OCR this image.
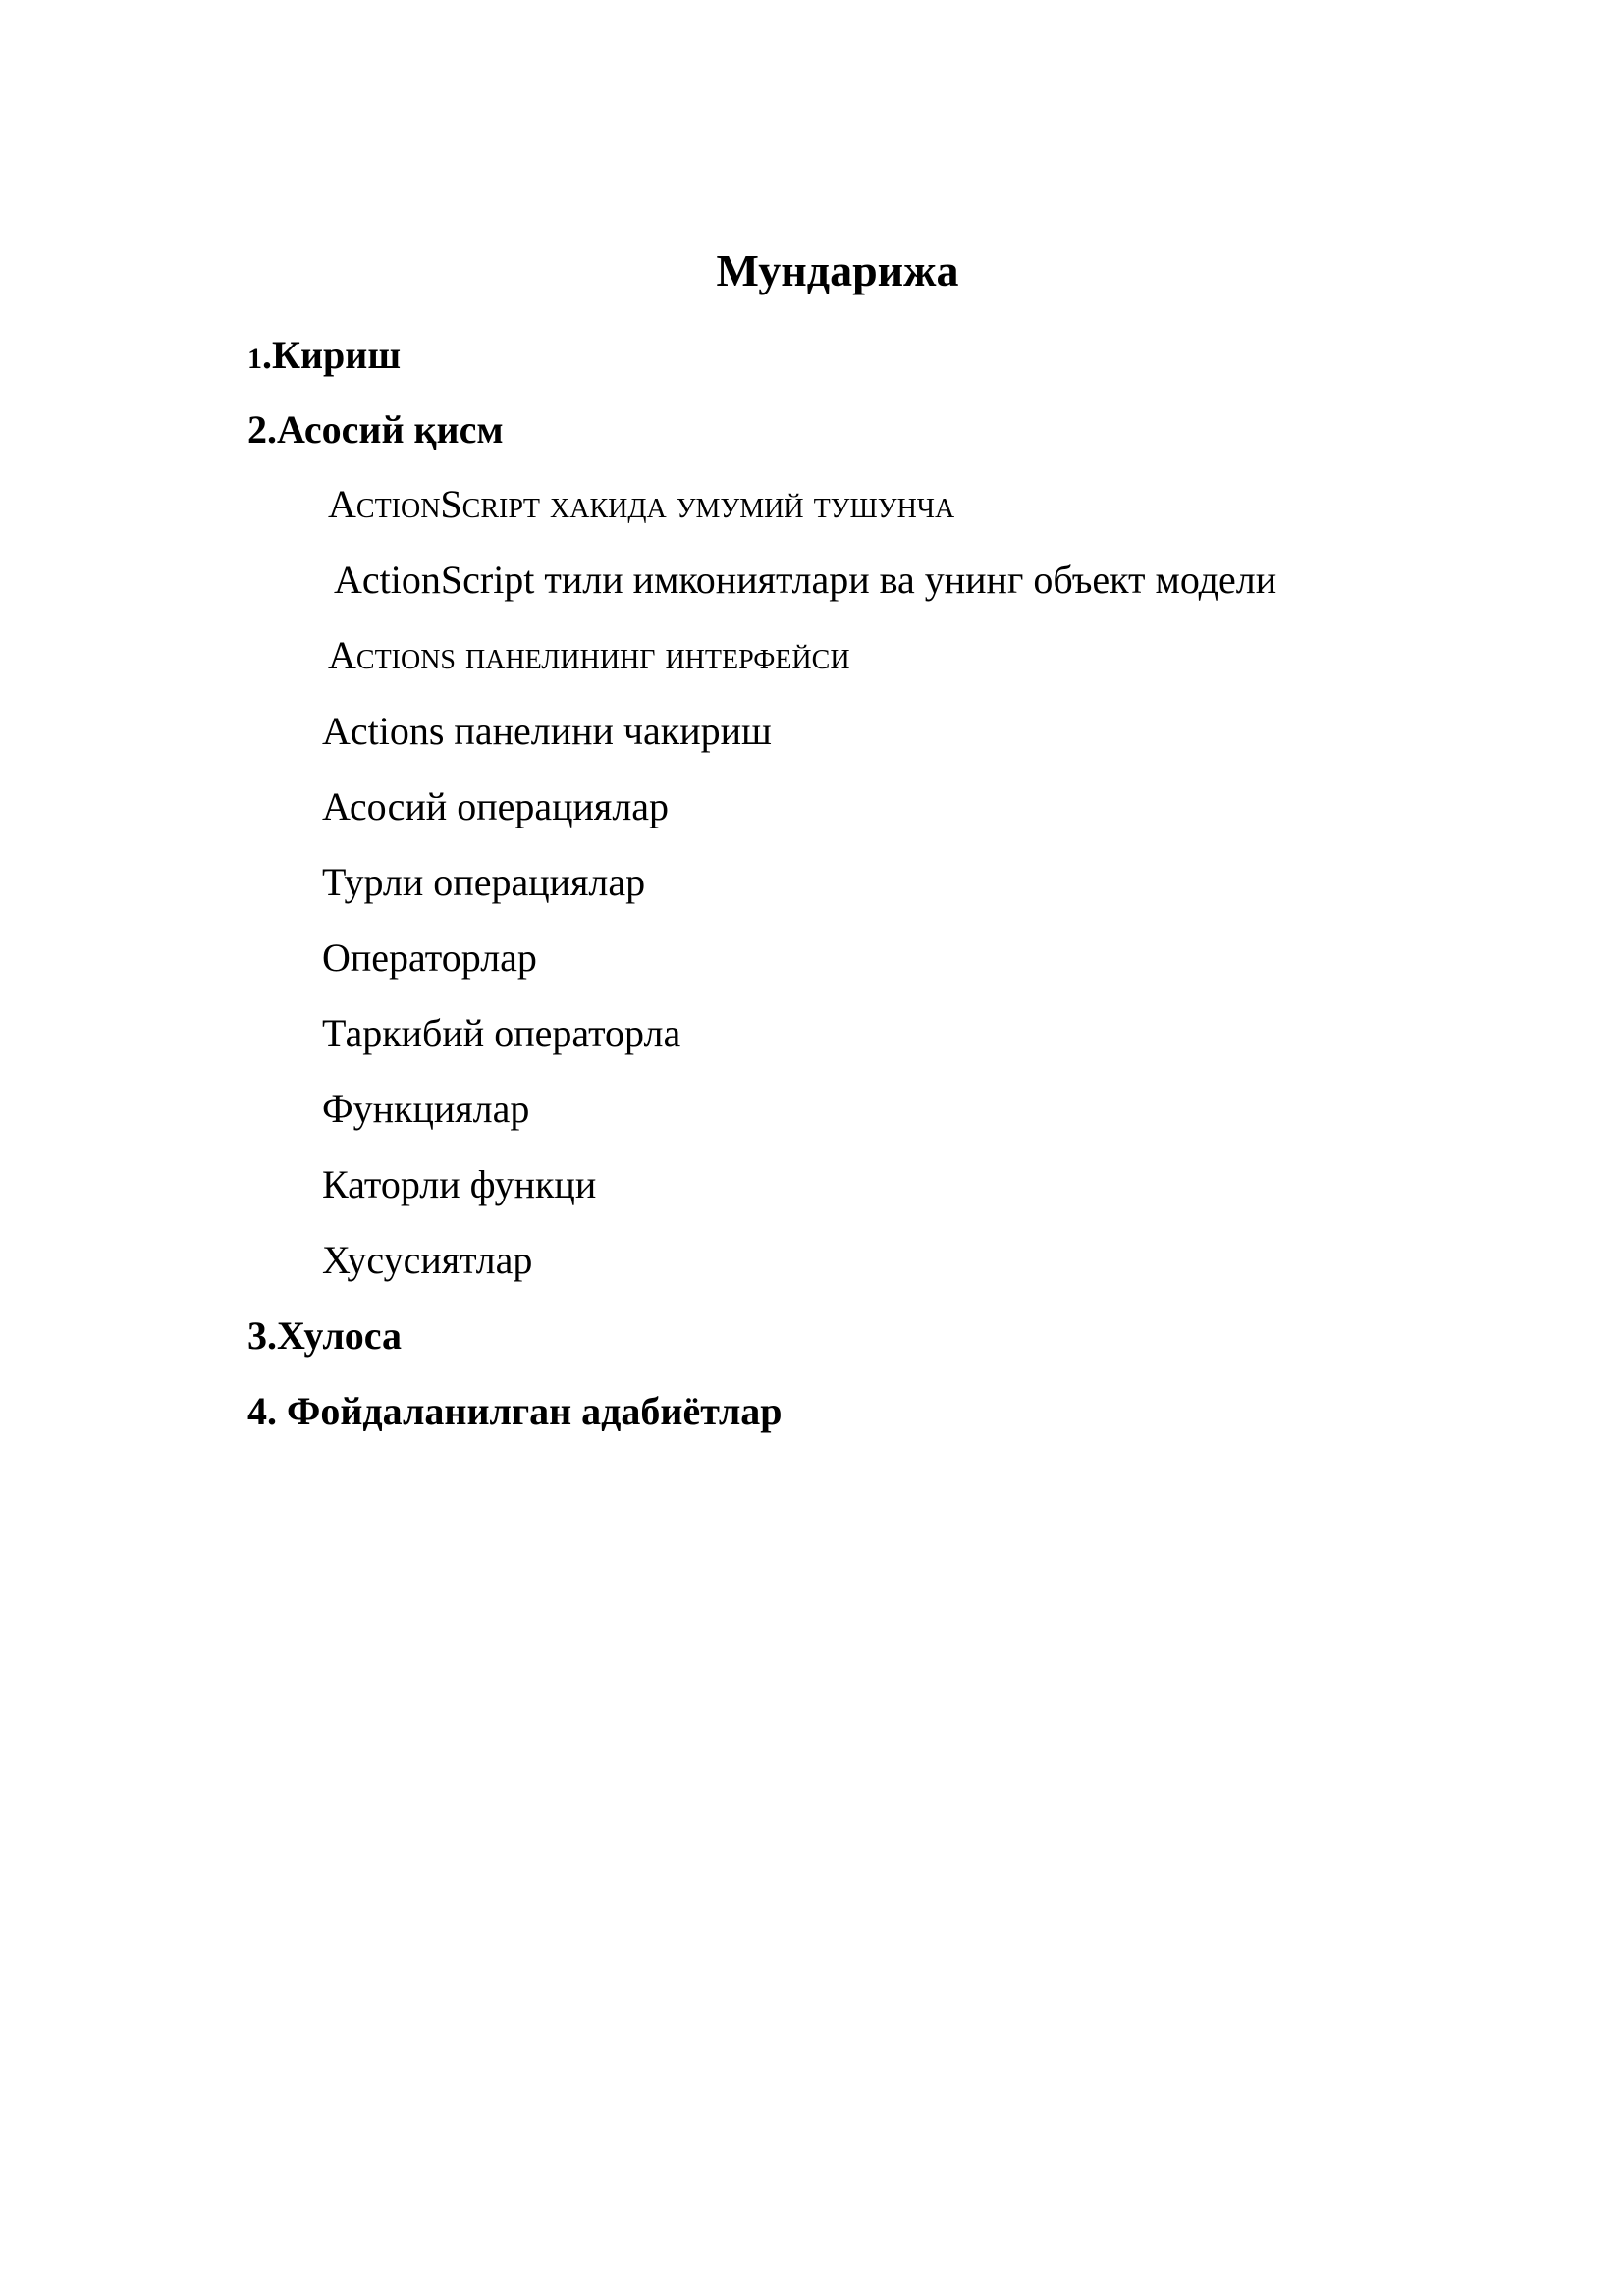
Мундарижа
1.Кириш
2.Асосий қисм
ActionScript хакида умумий тушунча
ActionScript тили имкониятлари ва унинг объект модели
Actions панелининг интерфейси
Actions панелини чакириш
Асосий операциялар
Турли операциялар
Операторлар
Таркибий операторла
Функциялар
Каторли функци
Хусусиятлар
3.Хулоса
4. Фойдаланилган адабиётлар
